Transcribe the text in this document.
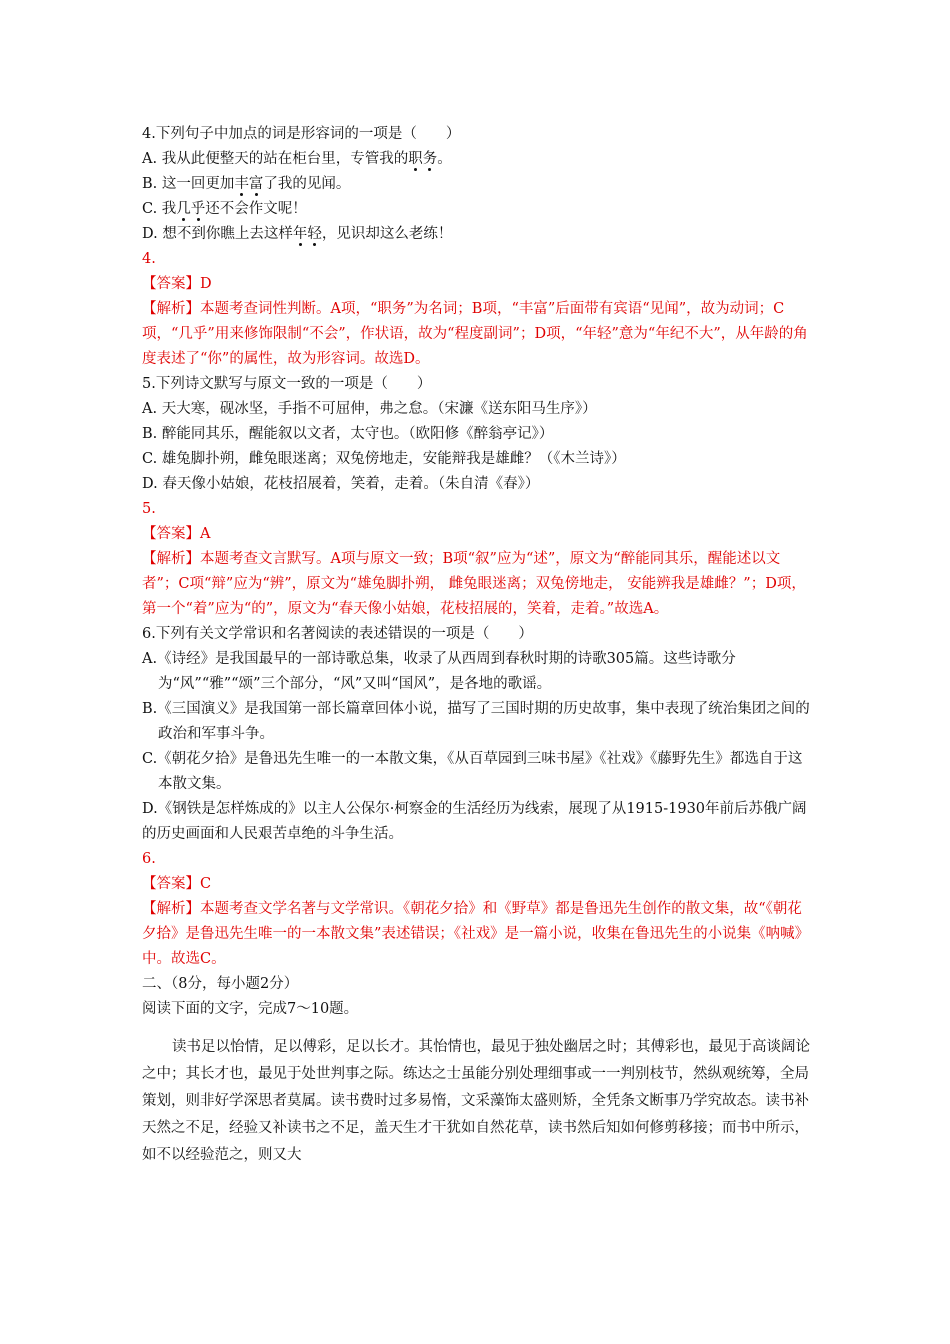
4.下列句子中加点的词是形容词的一项是（　　）
A. 我从此便整天的站在柜台里，专管我的职务。
B. 这一回更加丰富了我的见闻。
C. 我几乎还不会作文呢！
D. 想不到你瞧上去这样年轻，见识却这么老练！
4.
【答案】D
【解析】本题考查词性判断。A项，“职务”为名词；B项，“丰富”后面带有宾语“见闻”，故为动词；C项，“几乎”用来修饰限制“不会”，作状语，故为“程度副词”；D项，“年轻”意为“年纪不大”，从年龄的角度表述了“你”的属性，故为形容词。故选D。
5.下列诗文默写与原文一致的一项是（　　）
A. 天大寒，砚冰坚，手指不可屈伸，弗之怠。（宋濂《送东阳马生序》）
B. 醉能同其乐，醒能叙以文者，太守也。（欧阳修《醉翁亭记》）
C. 雄兔脚扑朔，雌兔眼迷离；双兔傍地走，安能辩我是雄雌？（《木兰诗》）
D. 春天像小姑娘，花枝招展着，笑着，走着。（朱自清《春》）
5.
【答案】A
【解析】本题考查文言默写。A项与原文一致；B项“叙”应为“述”，原文为“醉能同其乐，醒能述以文者”；C项“辩”应为“辨”，原文为“雄兔脚扑朔， 雌兔眼迷离；双兔傍地走， 安能辨我是雄雌？”；D项，第一个“着”应为“的”，原文为“春天像小姑娘，花枝招展的，笑着，走着。”故选A。
6.下列有关文学常识和名著阅读的表述错误的一项是（　　）
A.《诗经》是我国最早的一部诗歌总集，收录了从西周到春秋时期的诗歌305篇。这些诗歌分为“风”“雅”“颂”三个部分，“风”又叫“国风”，是各地的歌谣。
B.《三国演义》是我国第一部长篇章回体小说，描写了三国时期的历史故事，集中表现了统治集团之间的政治和军事斗争。
C.《朝花夕拾》是鲁迅先生唯一的一本散文集，《从百草园到三味书屋》《社戏》《藤野先生》都选自于这本散文集。
D.《钢铁是怎样炼成的》以主人公保尔·柯察金的生活经历为线索，展现了从1915-1930年前后苏俄广阔的历史画面和人民艰苦卓绝的斗争生活。
6.
【答案】C
【解析】本题考查文学名著与文学常识。《朝花夕拾》和《野草》都是鲁迅先生创作的散文集，故“《朝花夕拾》是鲁迅先生唯一的一本散文集”表述错误；《社戏》是一篇小说，收集在鲁迅先生的小说集《呐喊》中。故选C。
二、（8分，每小题2分）
阅读下面的文字，完成7～10题。
读书足以怡情，足以傅彩，足以长才。其怡情也，最见于独处幽居之时；其傅彩也，最见于高谈阔论之中；其长才也，最见于处世判事之际。练达之士虽能分别处理细事或一一判别枝节，然纵观统筹，全局策划，则非好学深思者莫属。读书费时过多易惰，文采藻饰太盛则矫，全凭条文断事乃学究故态。读书补天然之不足，经验又补读书之不足，盖天生才干犹如自然花草，读书然后知如何修剪移接；而书中所示，如不以经验范之，则又大
